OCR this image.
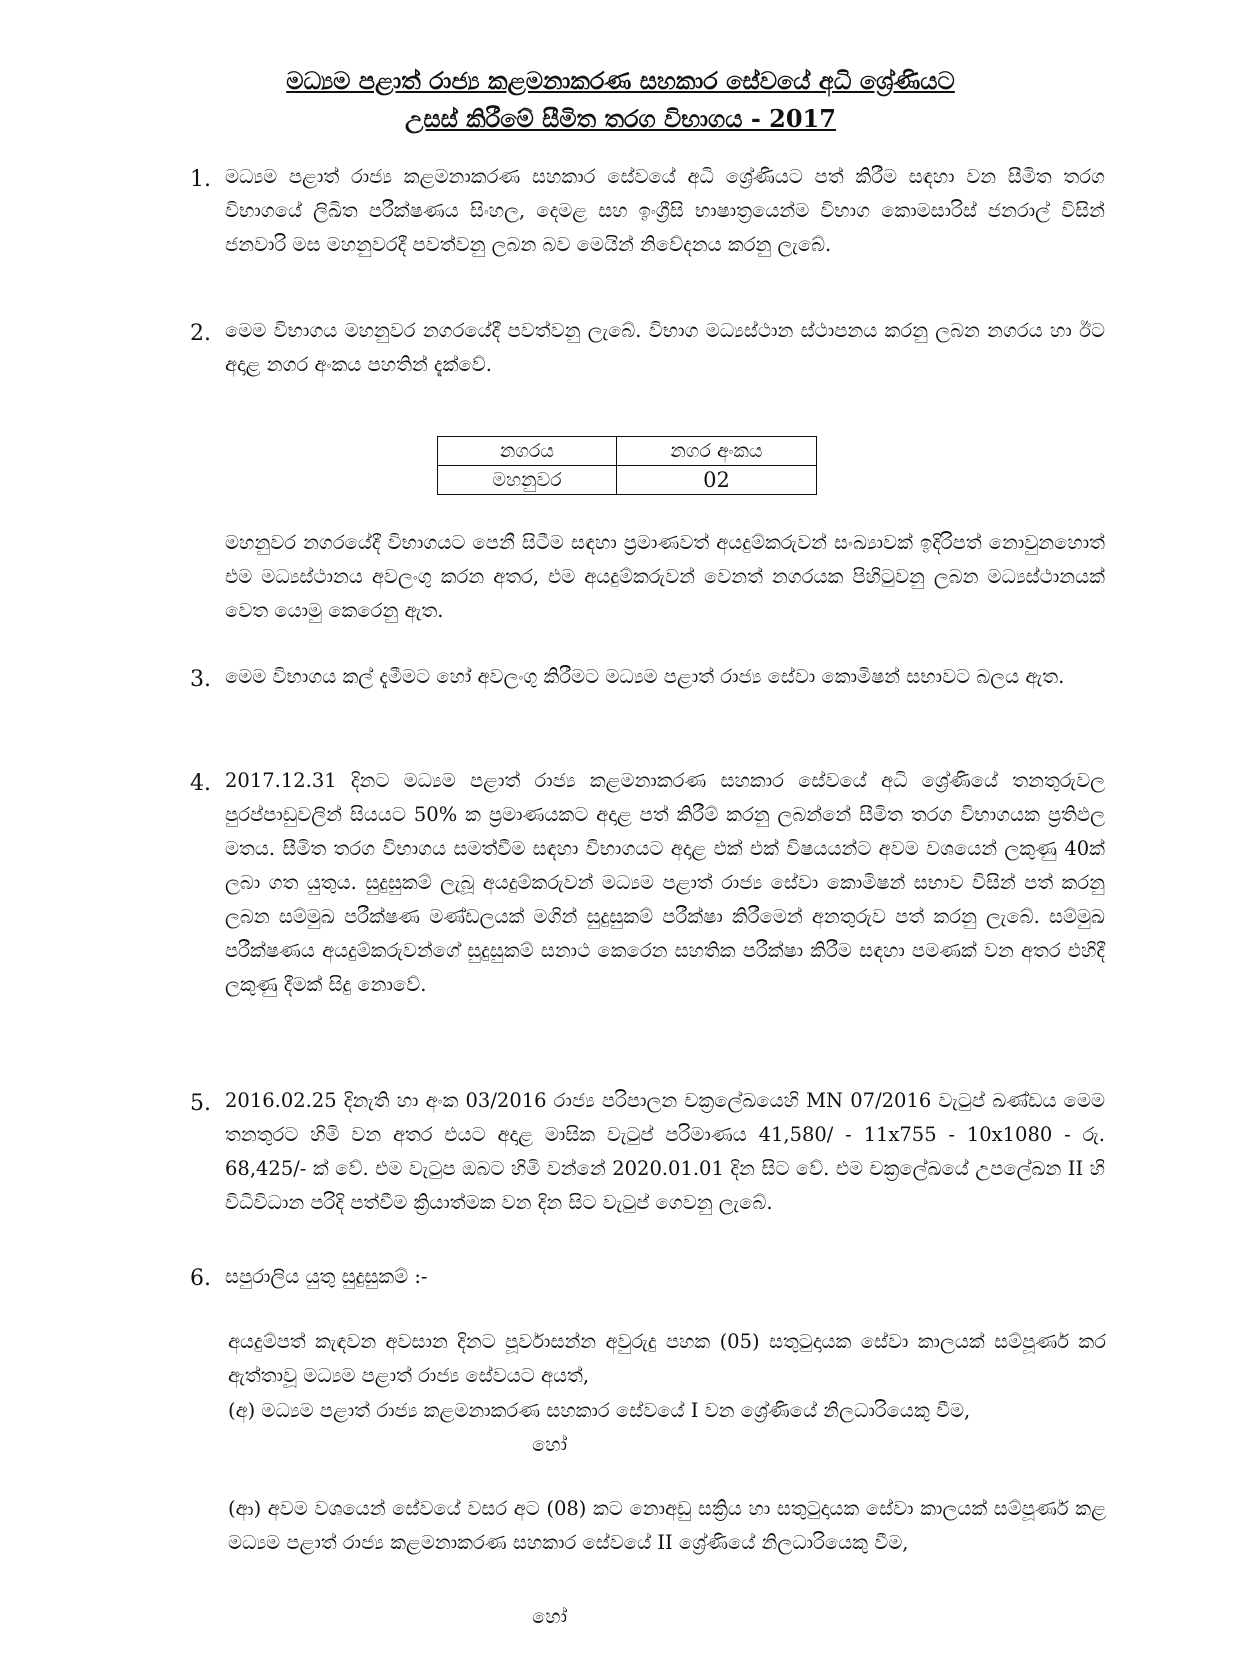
මධ්‍යම පළාත් රාජ්‍ය කළමනාකරණ සහකාර සේවයේ අධි ශ්‍රේණියට
උසස් කිරීමේ සීමිත තරග විභාගය - 2017
1. මධ්‍යම පළාත් රාජ්‍ය කළමනාකරණ සහකාර සේවයේ අධි ශ්‍රේණියට පත් කිරීම සඳහා වන සීමිත තරග විභාගයේ ලිඛිත පරීක්ෂණය සිංහල, දෙමළ සහ ඉංග්‍රීසි භාෂාත්‍රයෙන්ම විභාග කොමසාරිස් ජනරාල් විසින් ජනවාරි මස මහනුවරදී පවත්වනු ලබන බව මෙයින් නිවේදනය කරනු ලැබේ.
2. මෙම විභාගය මහනුවර නගරයේදී පවත්වනු ලැබේ. විභාග මධ්‍යස්ථාන ස්ථාපනය කරනු ලබන නගරය හා ඊට අදාළ නගර අංකය පහතින් දැක්වේ.
නගරය	නගර අංකය
මහනුවර	02
මහනුවර නගරයේදී විභාගයට පෙනී සිටීම සඳහා ප්‍රමාණවත් අයදුම්කරුවන් සංඛ්‍යාවක් ඉදිරිපත් නොවුනහොත් එම මධ්‍යස්ථානය අවලංගු කරන අතර, එම අයදුම්කරුවන් වෙනත් නගරයක පිහිටුවනු ලබන මධ්‍යස්ථානයක් වෙත යොමු කෙරෙනු ඇත.
3. මෙම විභාගය කල් දැමීමට හෝ අවලංගු කිරීමට මධ්‍යම පළාත් රාජ්‍ය සේවා කොමිෂන් සභාවට බලය ඇත.
4. 2017.12.31 දිනට මධ්‍යම පළාත් රාජ්‍ය කළමනාකරණ සහකාර සේවයේ අධි ශ්‍රේණියේ තනතුරුවල පුරප්පාඩුවලින් සියයට 50% ක ප්‍රමාණයකට අදාළ පත් කිරීම් කරනු ලබන්නේ සීමිත තරග විභාගයක ප්‍රතිඵල මතය. සීමිත තරග විභාගය සමත්වීම සඳහා විභාගයට අදාළ එක් එක් විෂයයන්ට අවම වශයෙන් ලකුණු 40ක් ලබා ගත යුතුය. සුදුසුකම් ලැබූ අයදුම්කරුවන් මධ්‍යම පළාත් රාජ්‍ය සේවා කොමිෂන් සභාව විසින් පත් කරනු ලබන සම්මුඛ පරීක්ෂණ මණ්ඩලයක් මගින් සුදුසුකම් පරීක්ෂා කිරීමෙන් අනතුරුව පත් කරනු ලැබේ. සම්මුඛ පරීක්ෂණය අයදුම්කරුවන්ගේ සුදුසුකම් සනාථ කෙරෙන සහතික පරීක්ෂා කිරීම සඳහා පමණක් වන අතර එහිදී ලකුණු දීමක් සිදු නොවේ.
5. 2016.02.25 දිනැති හා අංක 03/2016 රාජ්‍ය පරිපාලන චක්‍රලේඛයෙහි MN 07/2016 වැටුප් ඛණ්ඩය මෙම තනතුරට හිමි වන අතර එයට අදාළ මාසික වැටුප් පරිමාණය 41,580/ - 11x755 - 10x1080 - රු. 68,425/- ක් වේ. එම වැටුප ඔබට හිමි වන්නේ 2020.01.01 දින සිට වේ. එම චක්‍රලේඛයේ උපලේඛන II හි විධිවිධාන පරිදි පත්වීම ක්‍රියාත්මක වන දින සිට වැටුප් ගෙවනු ලැබේ.
6. සපුරාලිය යුතු සුදුසුකම් :-
අයදුම්පත් කැඳවන අවසාන දිනට පූර්වාසන්න අවුරුදු පහක (05) සතුටුදායක සේවා කාලයක් සම්පූර්ණ කර ඇත්තාවූ මධ්‍යම පළාත් රාජ්‍ය සේවයට අයත්,
(අ) මධ්‍යම පළාත් රාජ්‍ය කළමනාකරණ සහකාර සේවයේ I වන ශ්‍රේණියේ නිලධාරියෙකු වීම,
හෝ
(ආ) අවම වශයෙන් සේවයේ වසර අට (08) කට නොඅඩු සක්‍රිය හා සතුටුදායක සේවා කාලයක් සම්පූර්ණ කළ මධ්‍යම පළාත් රාජ්‍ය කළමනාකරණ සහකාර සේවයේ II ශ්‍රේණියේ නිලධාරියෙකු වීම,
හෝ
